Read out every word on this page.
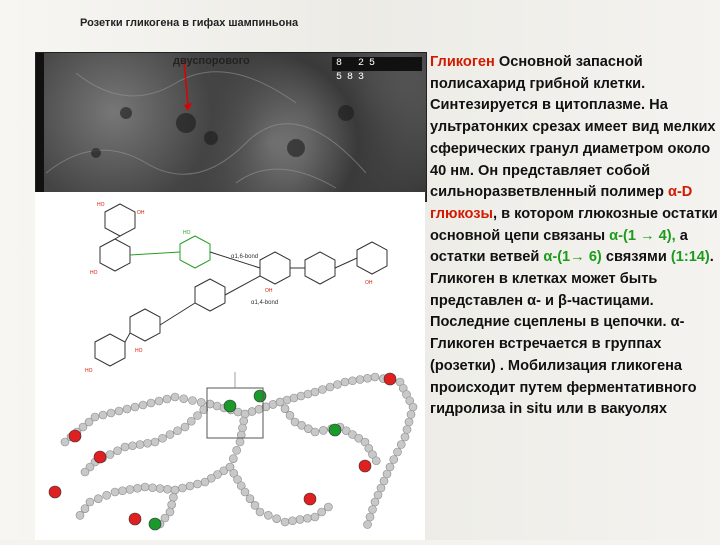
Розетки гликогена в гифах шампиньона
8 25 583
двуспорового
HO
OH
HO
HO
OH
OH
HO
HO
α1,6-bond
α1,4-bond
Гликоген Основной запасной полисахарид грибной клетки. Синтезируется в цитоплазме. На ультратонких срезах имеет вид мелких сферических гранул диаметром около 40 нм. Он представляет собой сильноразветвленный полимер α-D глюкозы, в котором глюкозные остатки основной цепи связаны α-(1 → 4), а остатки ветвей α-(1→ 6) связями (1:14). Гликоген в клетках может быть представлен α- и β-частицами. Последние сцеплены в цепочки. α-Гликоген встречается в группах (розетки) . Мобилизация гликогена происходит путем ферментативного гидролиза in situ или в вакуолях
